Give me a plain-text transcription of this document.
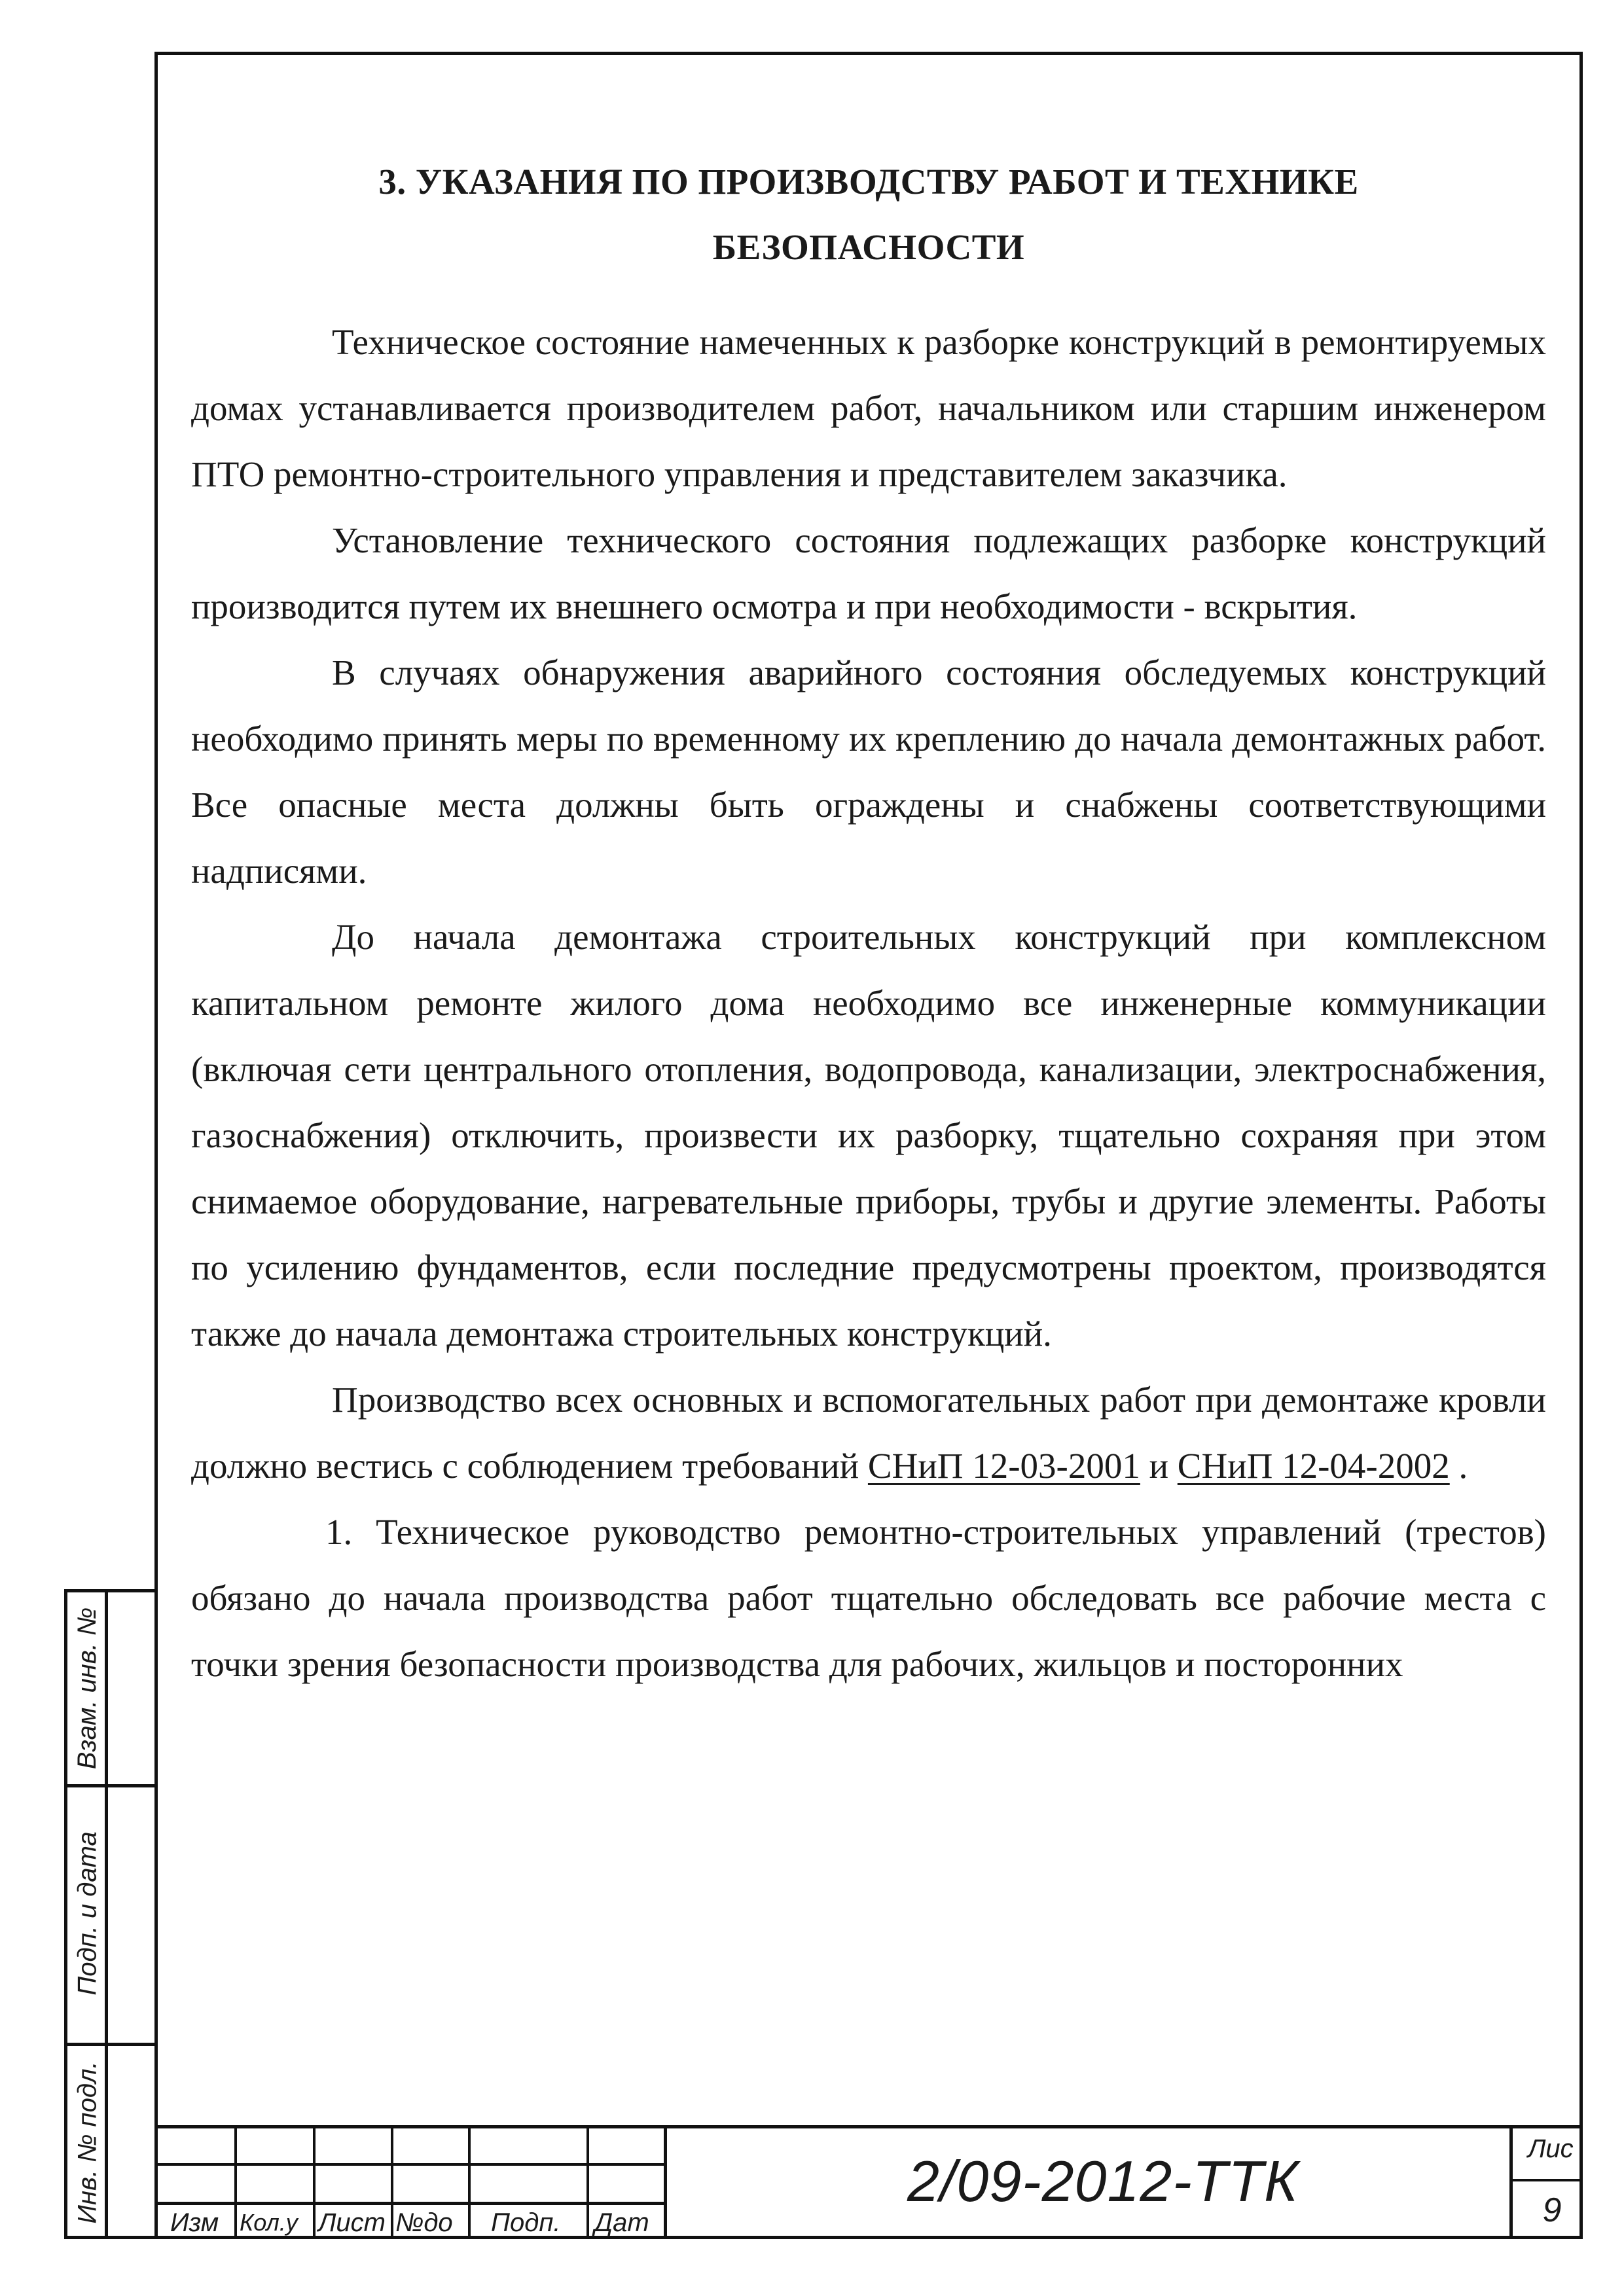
3. УКАЗАНИЯ ПО ПРОИЗВОДСТВУ РАБОТ И ТЕХНИКЕ
БЕЗОПАСНОСТИ

Техническое состояние намеченных к разборке конструкций в ремонтируемых домах устанавливается производителем работ, начальником или старшим инженером ПТО ремонтно-строительного управления и представителем заказчика.

Установление технического состояния подлежащих разборке конструкций производится путем их внешнего осмотра и при необходимости - вскрытия.

В случаях обнаружения аварийного состояния обследуемых конструкций необходимо принять меры по временному их креплению до начала демонтажных работ. Все опасные места должны быть ограждены и снабжены соответствующими надписями.

До начала демонтажа строительных конструкций при комплексном капитальном ремонте жилого дома необходимо все инженерные коммуникации (включая сети центрального отопления, водопровода, канализации, электроснабжения, газоснабжения) отключить, произвести их разборку, тщательно сохраняя при этом снимаемое оборудование, нагревательные приборы, трубы и другие элементы. Работы по усилению фундаментов, если последние предусмотрены проектом, производятся также до начала демонтажа строительных конструкций.

Производство всех основных и вспомогательных работ при демонтаже кровли должно вестись с соблюдением требований СНиП 12-03-2001 и СНиП 12-04-2002 .

1. Техническое руководство ремонтно-строительных управлений (трестов) обязано до начала производства работ тщательно обследовать все рабочие места с точки зрения безопасности производства для рабочих, жильцов и посторонних

Взам. инв. №
Подп. и дата
Инв. № подл.	Изм Кол.у Лист №до Подп. Дат
2/09-2012-ТТК	Лис
9
